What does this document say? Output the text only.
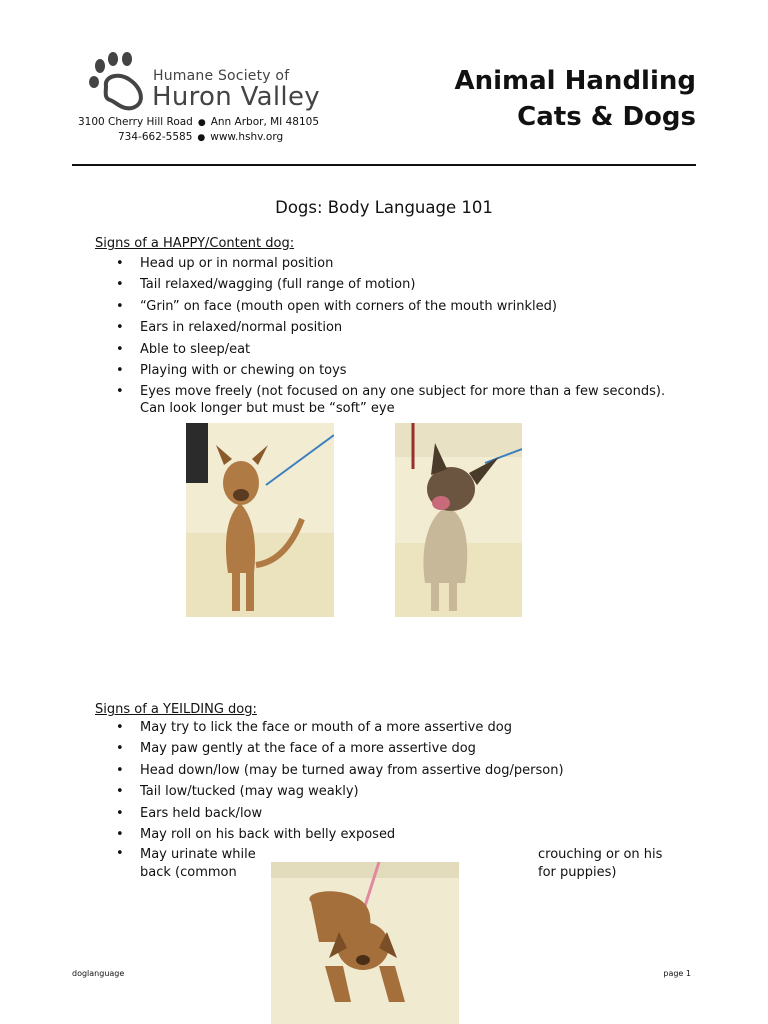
Humane Society of
Huron Valley
3100 Cherry Hill Road ● Ann Arbor, MI 48105
734-662-5585 ● www.hshv.org
Animal Handling
Cats & Dogs
Dogs: Body Language 101
Signs of a HAPPY/Content dog:
• Head up or in normal position
• Tail relaxed/wagging (full range of motion)
• “Grin” on face (mouth open with corners of the mouth wrinkled)
• Ears in relaxed/normal position
• Able to sleep/eat
• Playing with or chewing on toys
• Eyes move freely (not focused on any one subject for more than a few seconds). Can look longer but must be “soft” eye
Signs of a YEILDING dog:
• May try to lick the face or mouth of a more assertive dog
• May paw gently at the face of a more assertive dog
• Head down/low (may be turned away from assertive dog/person)
• Tail low/tucked (may wag weakly)
• Ears held back/low
• May roll on his back with belly exposed
• May urinate while
back (common
crouching or on his
for puppies)
doglanguage	page 1
